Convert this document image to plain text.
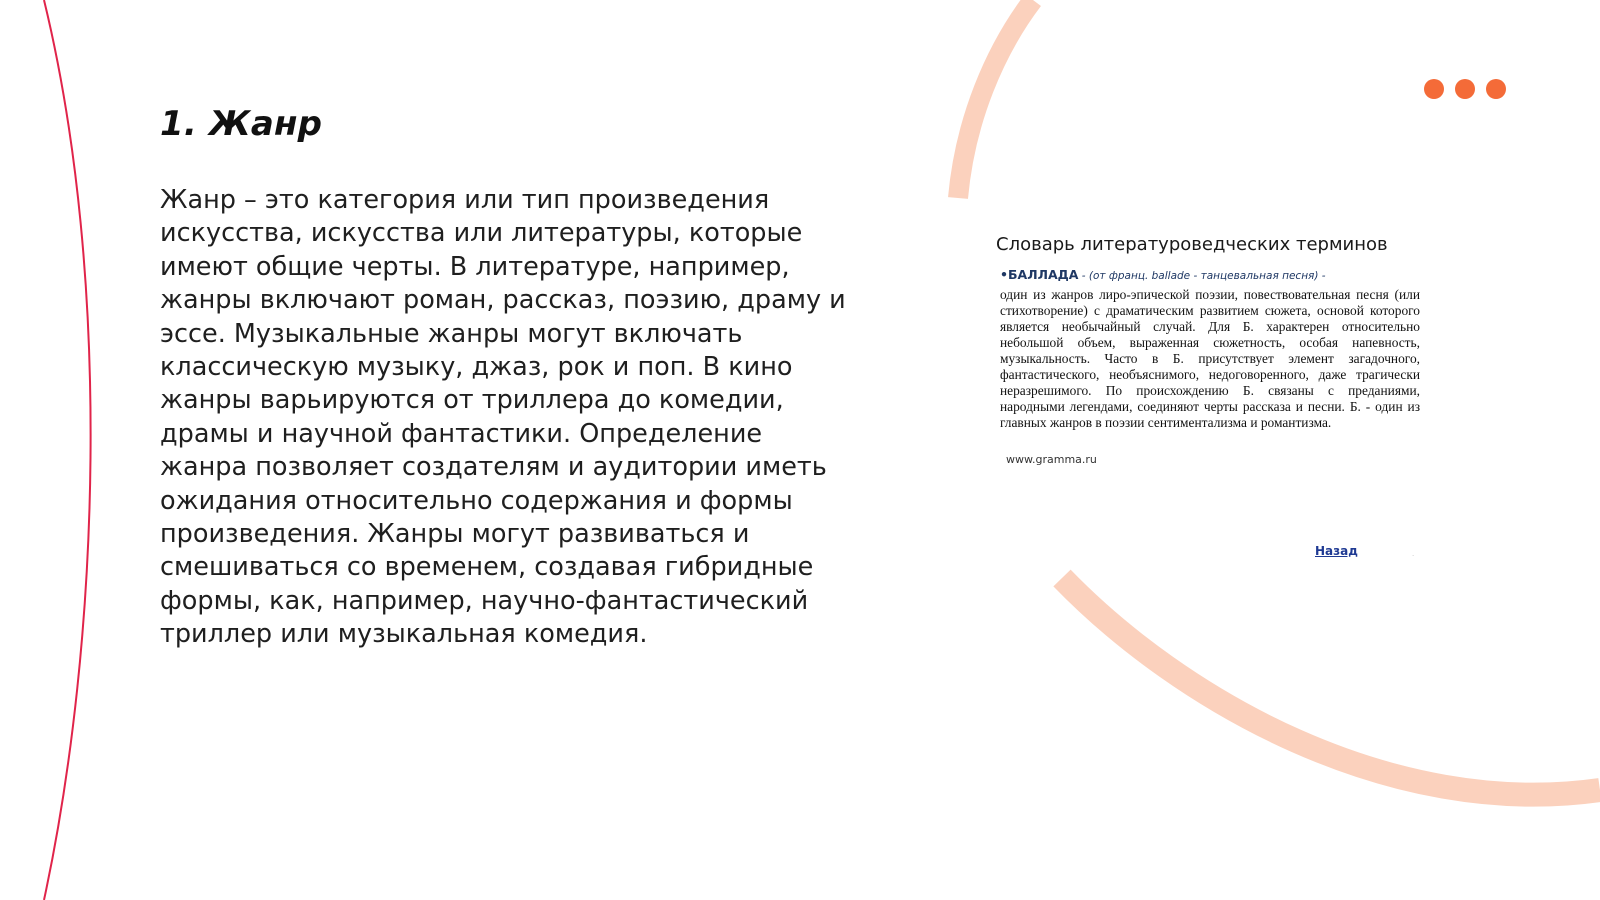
1. Жанр

Жанр – это категория или тип произведения искусства, искусства или литературы, которые имеют общие черты. В литературе, например, жанры включают роман, рассказ, поэзию, драму и эссе. Музыкальные жанры могут включать классическую музыку, джаз, рок и поп. В кино жанры варьируются от триллера до комедии, драмы и научной фантастики. Определение жанра позволяет создателям и аудитории иметь ожидания относительно содержания и формы произведения. Жанры могут развиваться и смешиваться со временем, создавая гибридные формы, как, например, научно-фантастический триллер или музыкальная комедия.

Словарь литературоведческих терминов
•БАЛЛАДА - (от франц. ballade - танцевальная песня) -
один из жанров лиро-эпической поэзии, повествовательная песня (или стихотворение) с драматическим развитием сюжета, основой которого является необычайный случай. Для Б. характерен относительно небольшой объем, выраженная сюжетность, особая напевность, музыкальность. Часто в Б. присутствует элемент загадочного, фантастического, необъяснимого, недоговоренного, даже трагически неразрешимого. По происхождению Б. связаны с преданиями, народными легендами, соединяют черты рассказа и песни. Б. - один из главных жанров в поэзии сентиментализма и романтизма.
www.gramma.ru
Назад	·
